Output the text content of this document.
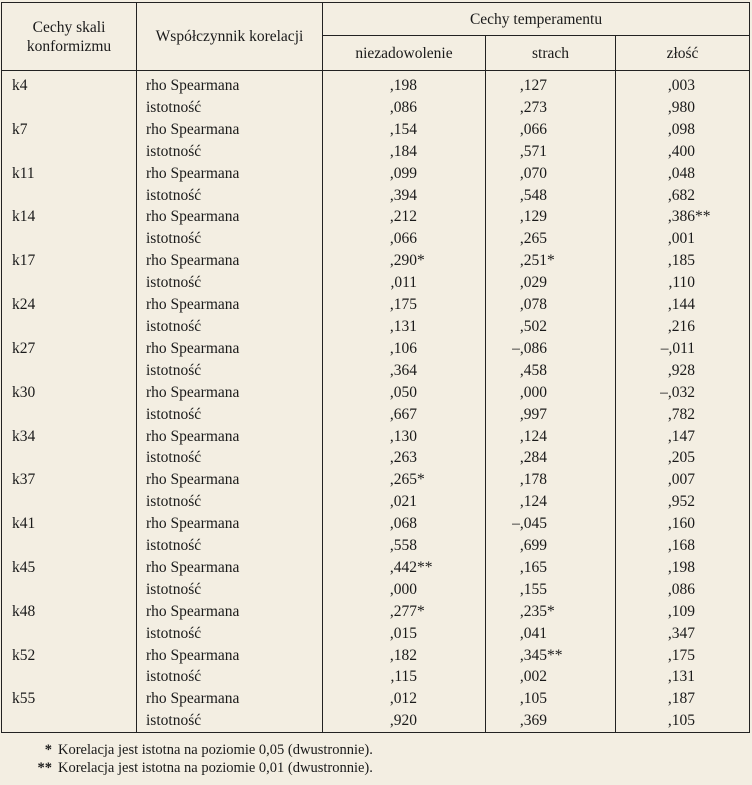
Cechy skali konformizmu	Współczynnik korelacji	Cechy temperamentu		
		niezadowolenie	strach	złość
k4	rho Spearmana	,198	,127	,003
	istotność	,086	,273	,980
k7	rho Spearmana	,154	,066	,098
	istotność	,184	,571	,400
k11	rho Spearmana	,099	,070	,048
	istotność	,394	,548	,682
k14	rho Spearmana	,212	,129	,386**
	istotność	,066	,265	,001
k17	rho Spearmana	,290*	,251*	,185
	istotność	,011	,029	,110
k24	rho Spearmana	,175	,078	,144
	istotność	,131	,502	,216
k27	rho Spearmana	,106	–,086	–,011
	istotność	,364	,458	,928
k30	rho Spearmana	,050	,000	–,032
	istotność	,667	,997	,782
k34	rho Spearmana	,130	,124	,147
	istotność	,263	,284	,205
k37	rho Spearmana	,265*	,178	,007
	istotność	,021	,124	,952
k41	rho Spearmana	,068	–,045	,160
	istotność	,558	,699	,168
k45	rho Spearmana	,442**	,165	,198
	istotność	,000	,155	,086
k48	rho Spearmana	,277*	,235*	,109
	istotność	,015	,041	,347
k52	rho Spearmana	,182	,345**	,175
	istotność	,115	,002	,131
k55	rho Spearmana	,012	,105	,187
	istotność	,920	,369	,105
* Korelacja jest istotna na poziomie 0,05 (dwustronnie).
** Korelacja jest istotna na poziomie 0,01 (dwustronnie).
